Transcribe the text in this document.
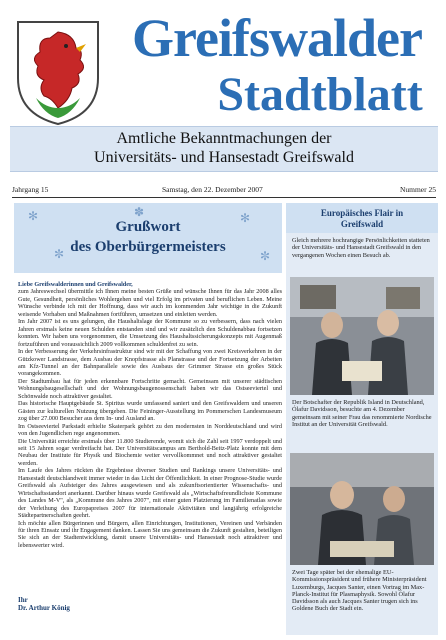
Greifswalder
Stadtblatt
Amtliche Bekanntmachungen der
Universitäts- und Hansestadt Greifswald
Jahrgang 15	Samstag, den 22. Dezember 2007	Nummer 25
✻
✼
✻
✼
✽
Grußwort
des Oberbürgermeisters

Liebe Greifswalderinnen und Greifswalder,

zum Jahreswechsel übermittle ich Ihnen meine besten Grüße und wünsche Ihnen für das Jahr 2008 alles Gute, Gesundheit, persönliches Wohlergehen und viel Erfolg im privaten und beruflichen Leben. Meine Wünsche verbinde ich mit der Hoffnung, dass wir auch im kommenden Jahr wichtige in die Zukunft weisende Vorhaben und Maßnahmen fortführen, umsetzen und einleiten werden.

Im Jahr 2007 ist es uns gelungen, die Haushaltslage der Kommune so zu verbessern, dass nach vielen Jahren erstmals keine neuen Schulden entstanden sind und wir zusätzlich den Schuldenabbau fortsetzen konnten. Wir haben uns vorgenommen, die Umsetzung des Haushaltssicherungskonzepts mit Augenmaß fortzuführen und voraussichtlich 2009 vollkommen schuldenfrei zu sein.

In der Verbesserung der Verkehrsinfrastruktur sind wir mit der Schaffung von zwei Kreisverkehren in der Gützkower Landstrasse, dem Ausbau der Knopfstrasse als Planstrasse und der Fortsetzung der Arbeiten am Kfz-Tunnel an der Bahnparallele sowie des Ausbaus der Grimmer Strasse ein großes Stück vorangekommen.

Der Stadtumbau hat für jeden erkennbare Fortschritte gemacht. Gemeinsam mit unserer städtischen Wohnungsbaugesellschaft und der Wohnungsbaugenossenschaft haben wir das Ostseeviertel und Schönwalde noch attraktiver gestaltet.

Das historische Hauptgebäude St. Spiritus wurde umfassend saniert und den Greifswaldern und unseren Gästen zur kulturellen Nutzung übergeben. Die Feininger-Ausstellung im Pommerschen Landesmuseum zog über 27.000 Besucher aus dem In- und Ausland an.

Im Ostseeviertel Parkstadt erhielte Skaterpark gehört zu den modernsten in Norddeutschland und wird von den Jugendlichen rege angenommen.

Die Universität erreichte erstmals über 11.800 Studierende, womit sich die Zahl seit 1997 verdoppelt und seit 15 Jahren sogar verdreifacht hat. Der Universitätscampus am Berthold-Beitz-Platz konnte mit dem Neubau der Institute für Physik und Biochemie weiter vervollkommnet und noch attraktiver gestaltet werden.

Im Laufe des Jahres rückten die Ergebnisse diverser Studien und Rankings unsere Universitäts- und Hansestadt deutschlandweit immer wieder in das Licht der Öffentlichkeit. In einer Prognose-Studie wurde Greifswald als Aufsteiger des Jahres ausgewiesen und als zukunftsorientierter Wissenschafts- und Wirtschaftsstandort anerkannt. Darüber hinaus wurde Greifswald als „Wirtschaftsfreundlichste Kommune des Landes M-V", als „Kommune des Jahres 2007", mit einer guten Platzierung im Familienatlas sowie der Verleihung des Europapreises 2007 für internationale Aktivitäten und langjährig erfolgreiche Städtepartnerschaften geehrt.

Ich möchte allen Bürgerinnen und Bürgern, allen Einrichtungen, Institutionen, Vereinen und Verbänden für ihren Einsatz und ihr Engagement danken. Lassen Sie uns gemeinsam die Zukunft gestalten, beteiligen Sie sich an der Stadtentwicklung, damit unsere Universitäts- und Hansestadt noch attraktiver und lebenswerter wird.

Ihr
Dr. Arthur König
Europäisches Flair in
Greifswald
Gleich mehrere hochrangige Persönlichkeiten statteten der Universitäts- und Hansestadt Greifswald in den vergangenen Wochen einen Besuch ab.
Der Botschafter der Republik Island in Deutschland, Ólafur Davidsson, besuchte am 4. Dezember gemeinsam mit seiner Frau das renommierte Nordische Institut an der Universität Greifswald.
Zwei Tage später bei der ehemalige EU-Kommissionspräsident und frühere Ministerpräsident Luxemburgs, Jacques Santer, einen Vortrag im Max-Planck-Institut für Plasmaphysik. Sowohl Ólafur Davidsson als auch Jacques Santer trugen sich ins Goldene Buch der Stadt ein.
